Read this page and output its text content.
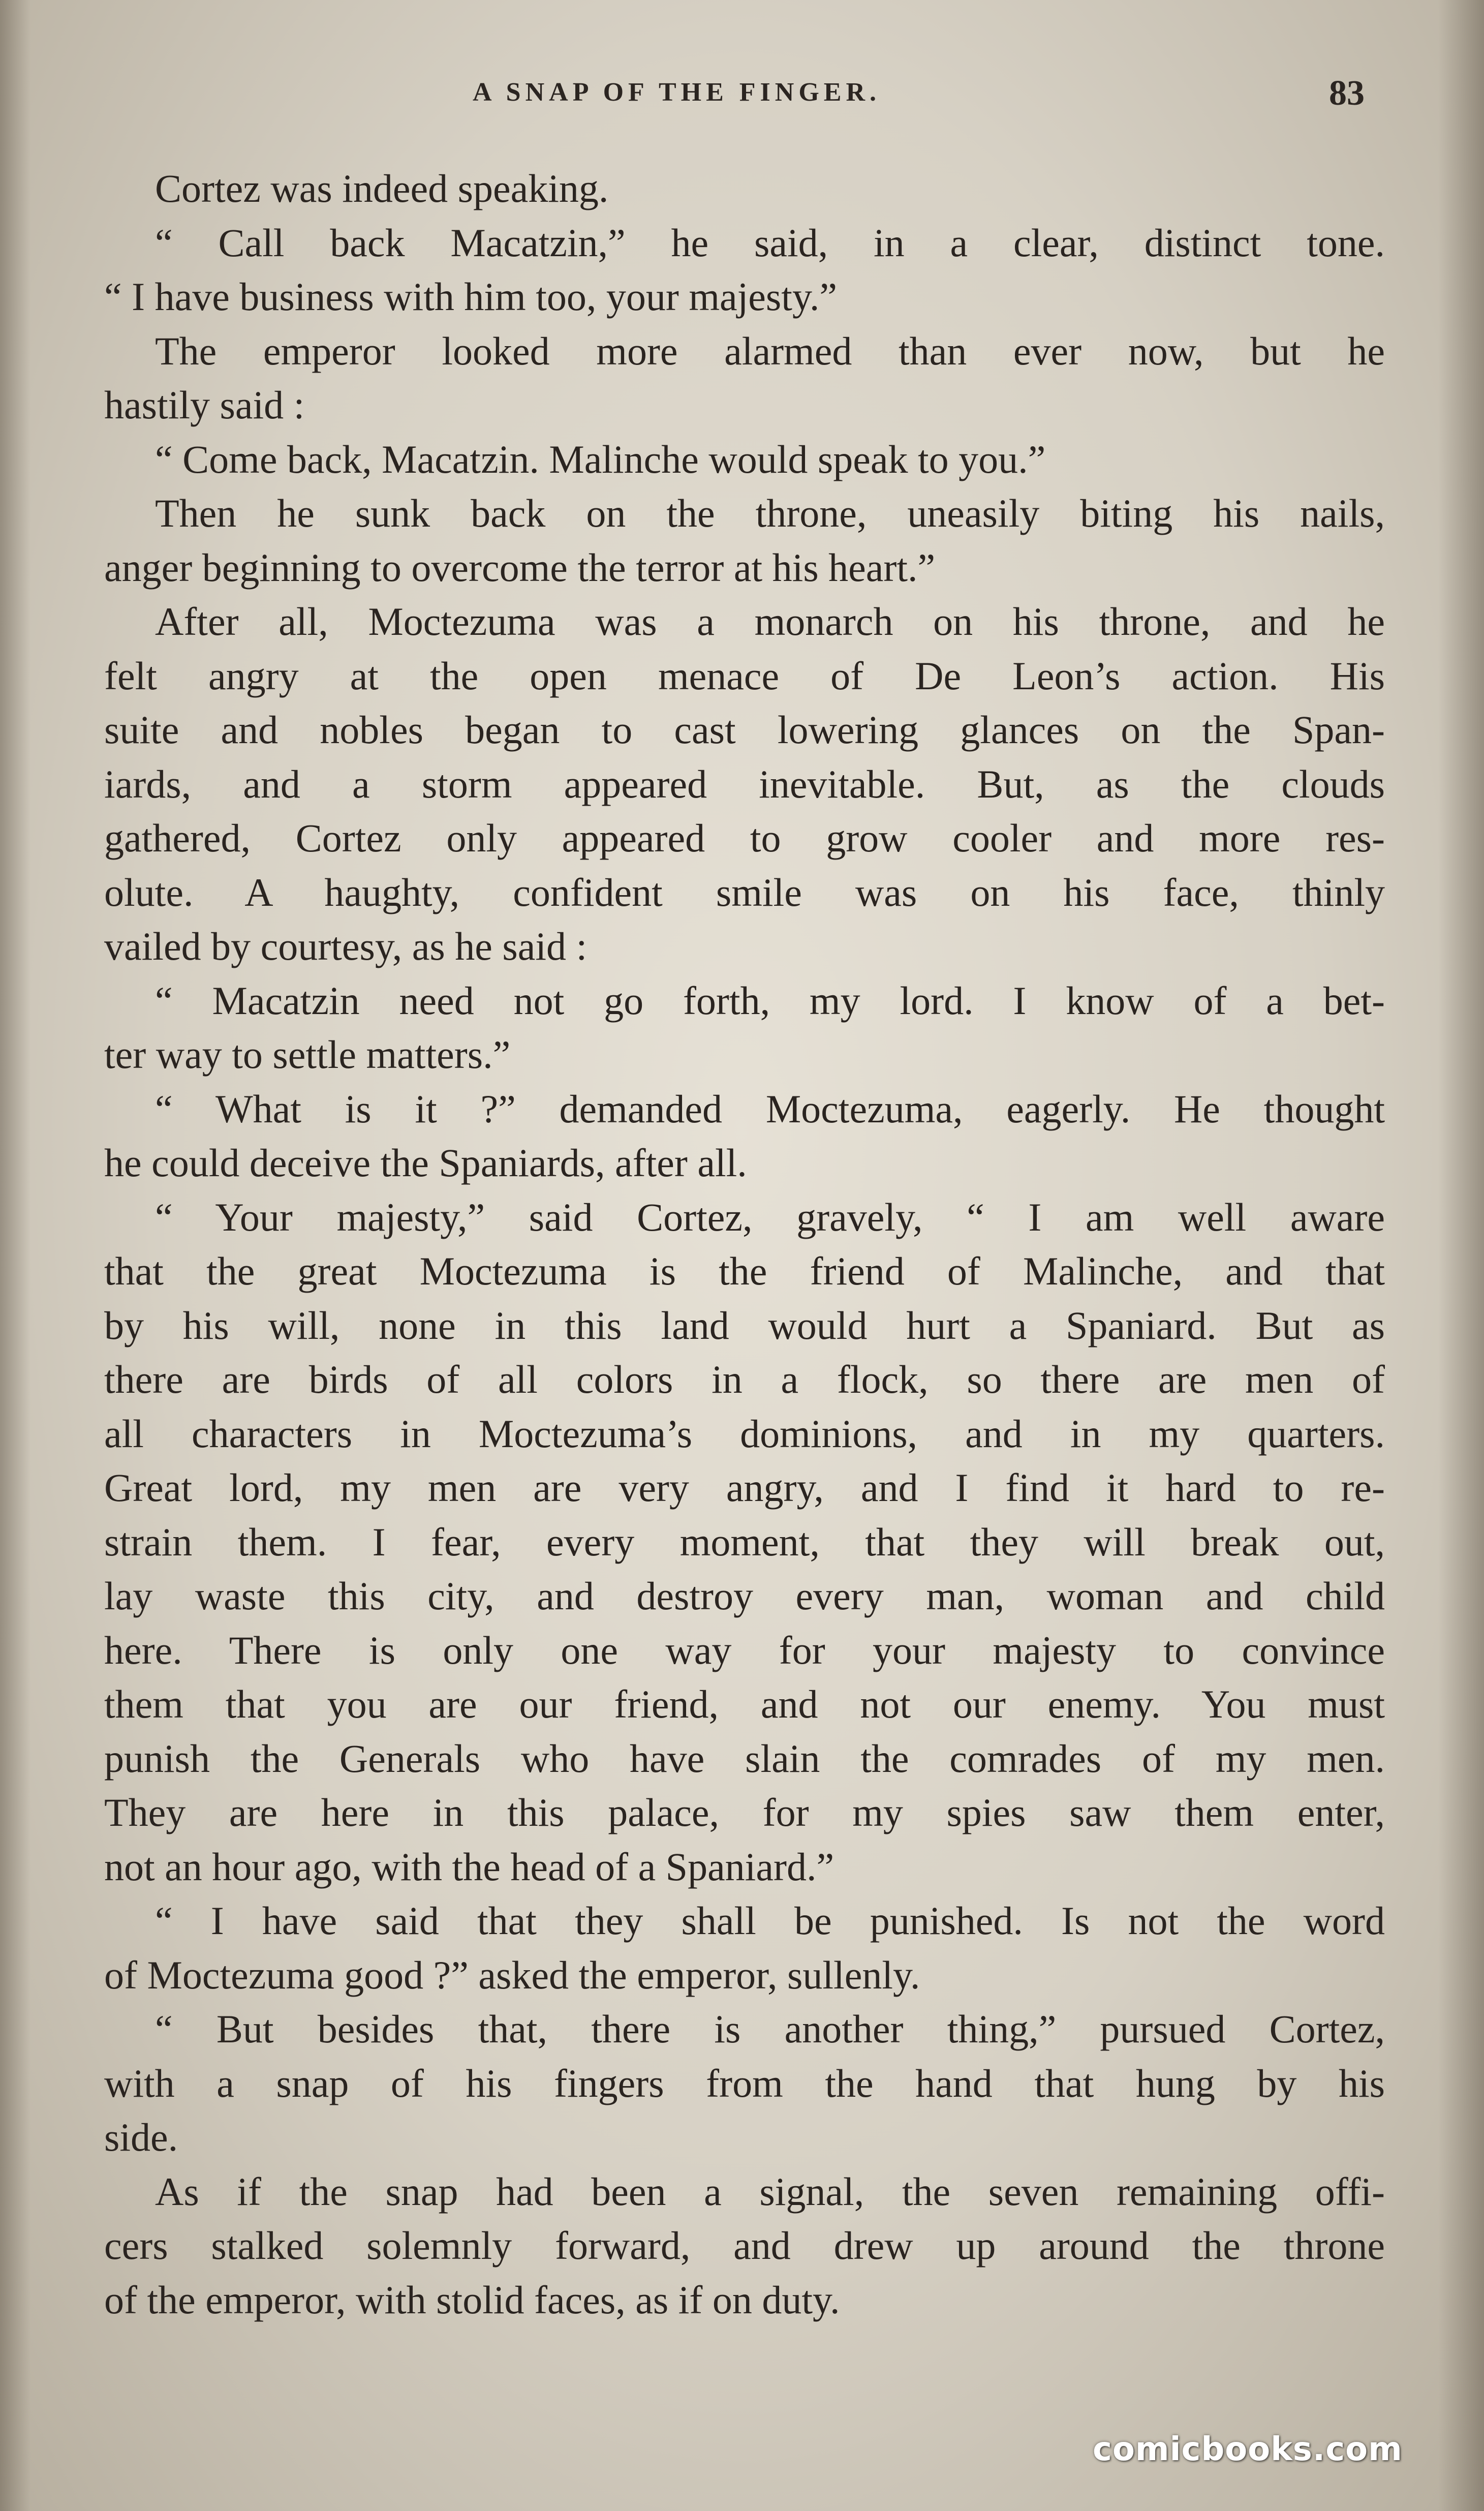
A SNAP OF THE FINGER.	83
Cortez was indeed speaking.
“ Call back Macatzin,” he said, in a clear, distinct tone.
“ I have business with him too, your majesty.”
The emperor looked more alarmed than ever now, but he
hastily said :
“ Come back, Macatzin. Malinche would speak to you.”
Then he sunk back on the throne, uneasily biting his nails,
anger beginning to overcome the terror at his heart.”
After all, Moctezuma was a monarch on his throne, and he
felt angry at the open menace of De Leon’s action. His
suite and nobles began to cast lowering glances on the Span-
iards, and a storm appeared inevitable. But, as the clouds
gathered, Cortez only appeared to grow cooler and more res-
olute. A haughty, confident smile was on his face, thinly
vailed by courtesy, as he said :
“ Macatzin need not go forth, my lord. I know of a bet-
ter way to settle matters.”
“ What is it ?” demanded Moctezuma, eagerly. He thought
he could deceive the Spaniards, after all.
“ Your majesty,” said Cortez, gravely, “ I am well aware
that the great Moctezuma is the friend of Malinche, and that
by his will, none in this land would hurt a Spaniard. But as
there are birds of all colors in a flock, so there are men of
all characters in Moctezuma’s dominions, and in my quarters.
Great lord, my men are very angry, and I find it hard to re-
strain them. I fear, every moment, that they will break out,
lay waste this city, and destroy every man, woman and child
here. There is only one way for your majesty to convince
them that you are our friend, and not our enemy. You must
punish the Generals who have slain the comrades of my men.
They are here in this palace, for my spies saw them enter,
not an hour ago, with the head of a Spaniard.”
“ I have said that they shall be punished. Is not the word
of Moctezuma good ?” asked the emperor, sullenly.
“ But besides that, there is another thing,” pursued Cortez,
with a snap of his fingers from the hand that hung by his
side.
As if the snap had been a signal, the seven remaining offi-
cers stalked solemnly forward, and drew up around the throne
of the emperor, with stolid faces, as if on duty.
comicbooks.com
